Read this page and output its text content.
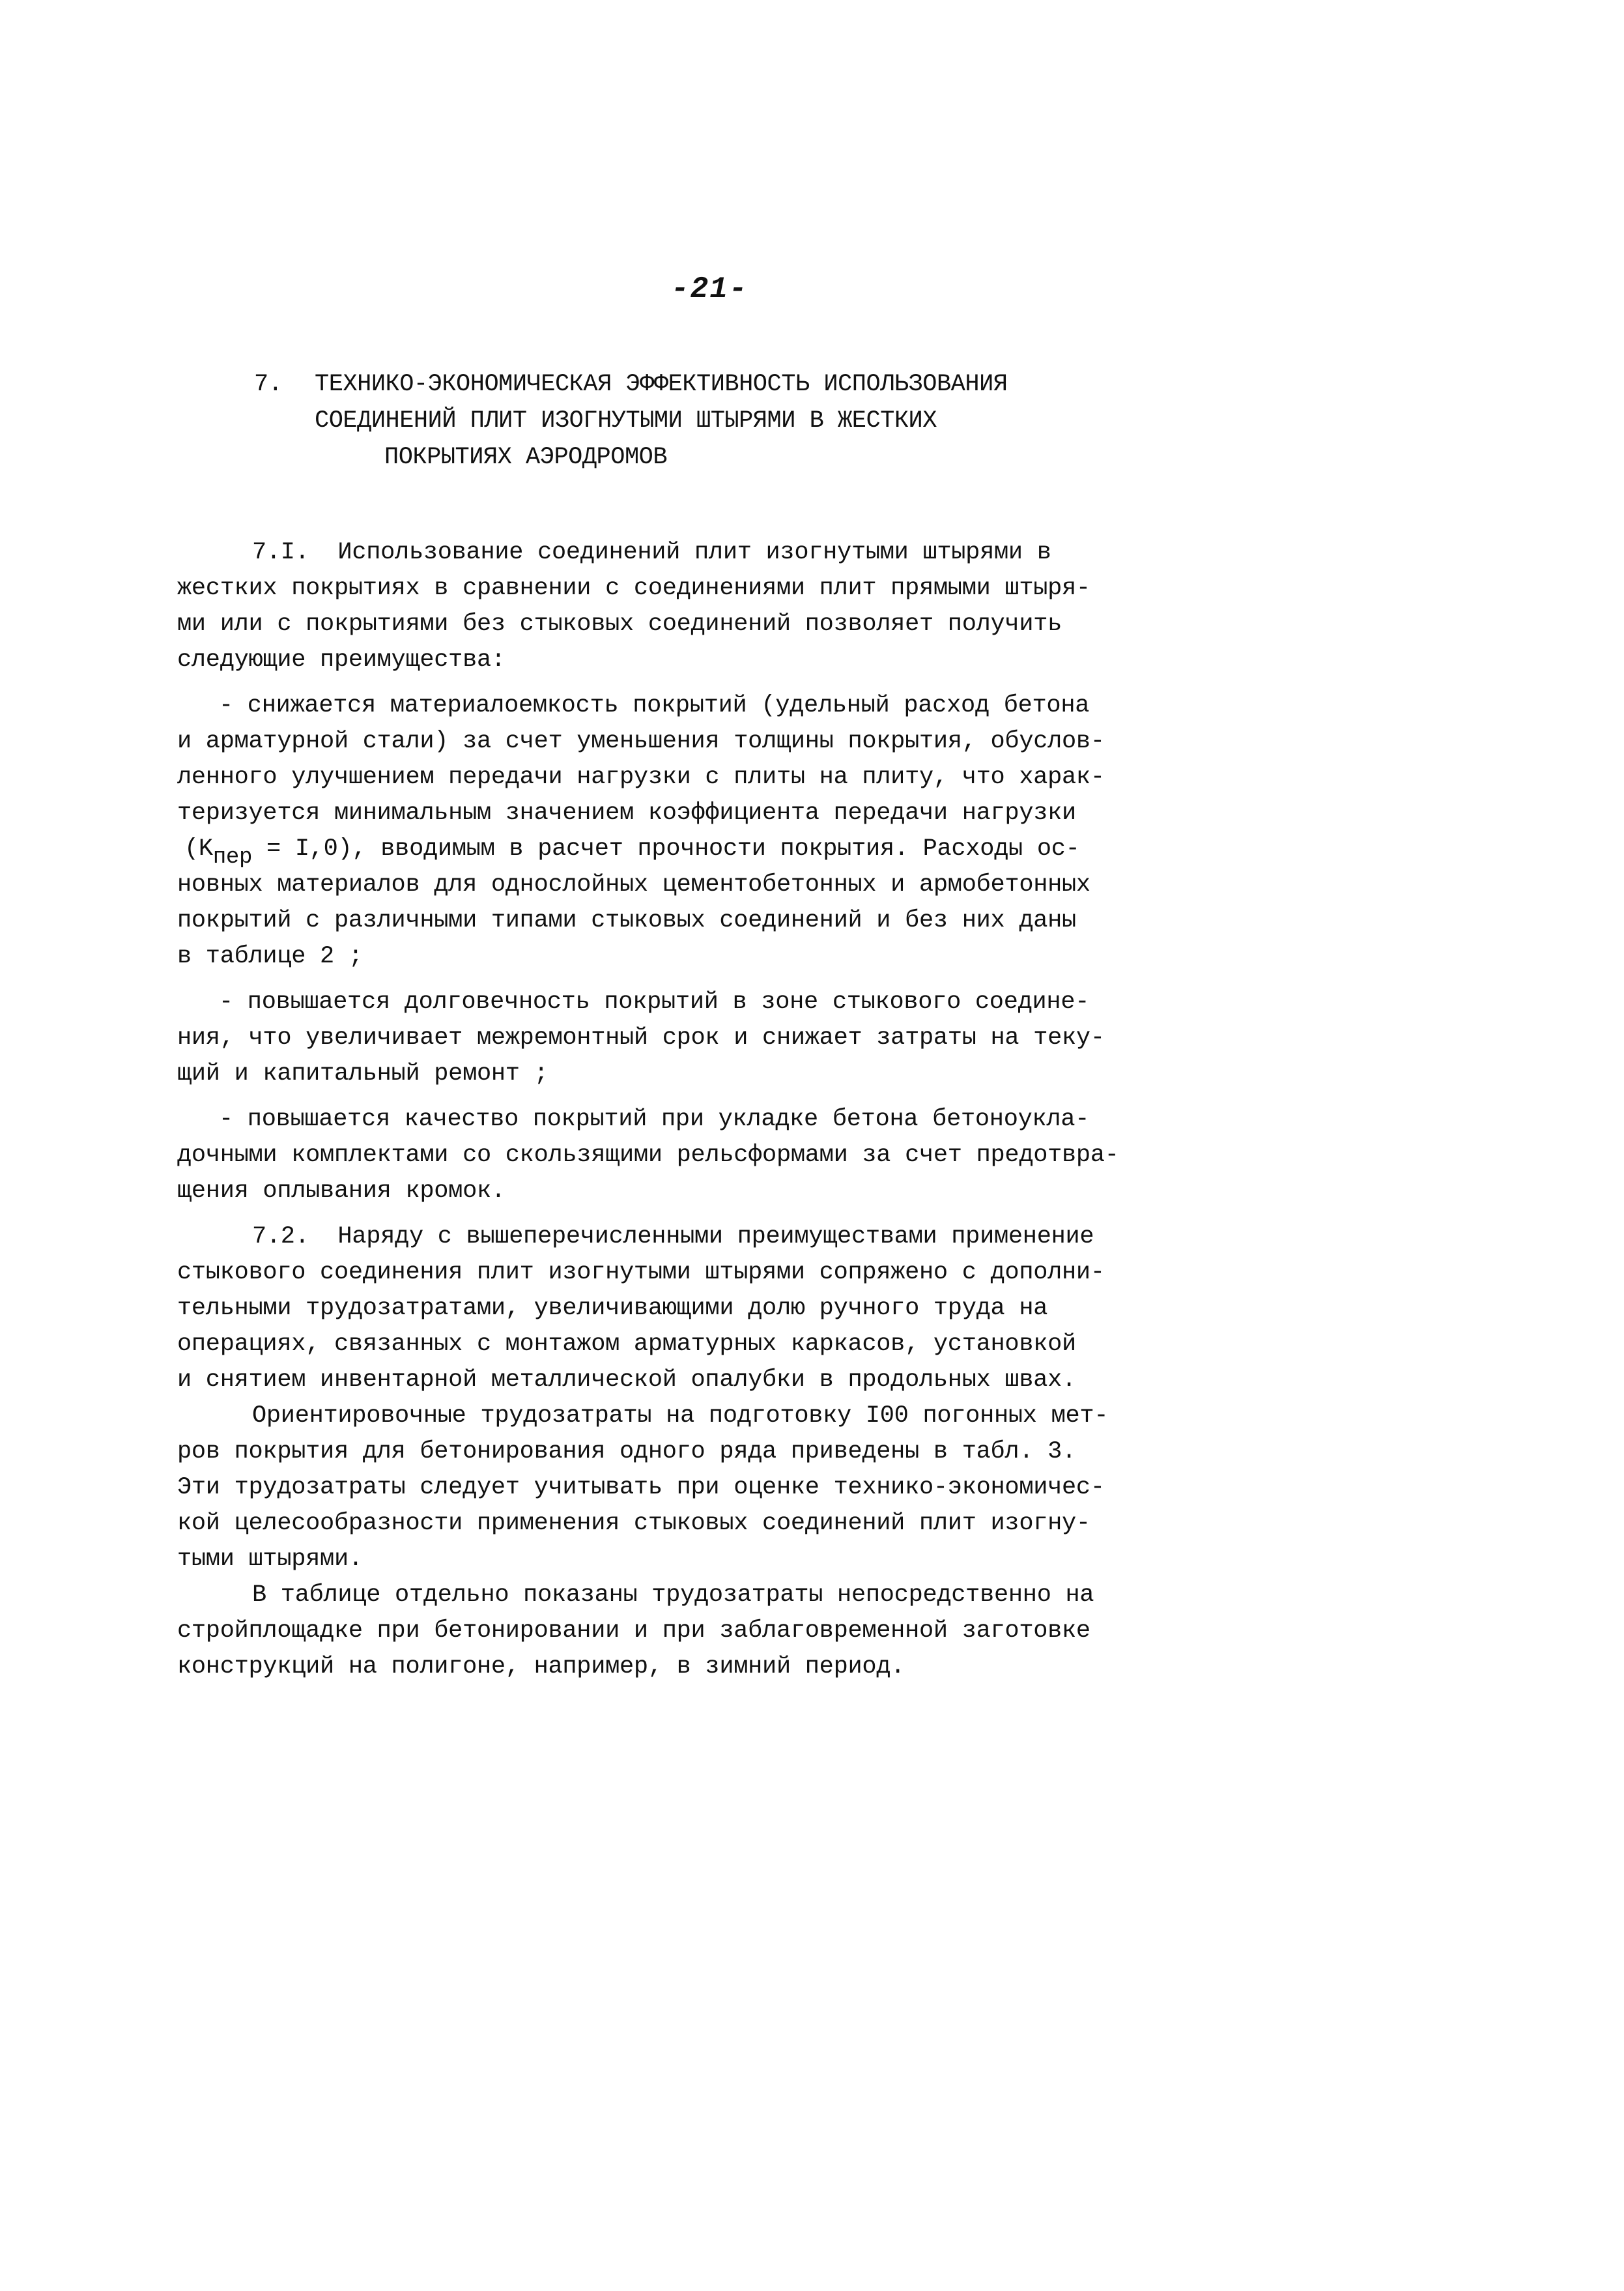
-21-
7. ТЕХНИКО-ЭКОНОМИЧЕСКАЯ ЭФФЕКТИВНОСТЬ ИСПОЛЬЗОВАНИЯ
СОЕДИНЕНИЙ ПЛИТ ИЗОГНУТЫМИ ШТЫРЯМИ В ЖЕСТКИХ
ПОКРЫТИЯХ АЭРОДРОМОВ
7.I.  Использование соединений плит изогнутыми штырями в
жестких покрытиях в сравнении с соединениями плит прямыми штыря-
ми или с покрытиями без стыковых соединений позволяет получить
следующие преимущества:
- снижается материалоемкость покрытий (удельный расход бетона
и арматурной стали) за счет уменьшения толщины покрытия, обуслов-
ленного улучшением передачи нагрузки с плиты на плиту, что харак-
теризуется минимальным значением коэффициента передачи нагрузки
(Kпер = I,0), вводимым в расчет прочности покрытия. Расходы ос-
новных материалов для однослойных цементобетонных и армобетонных
покрытий с различными типами стыковых соединений и без них даны
в таблице 2 ;
- повышается долговечность покрытий в зоне стыкового соедине-
ния, что увеличивает межремонтный срок и снижает затраты на теку-
щий и капитальный ремонт ;
- повышается качество покрытий при укладке бетона бетоноукла-
дочными комплектами со скользящими рельсформами за счет предотвра-
щения оплывания кромок.
7.2.  Наряду с вышеперечисленными преимуществами применение
стыкового соединения плит изогнутыми штырями сопряжено с дополни-
тельными трудозатратами, увеличивающими долю ручного труда на
операциях, связанных с монтажом арматурных каркасов, установкой
и снятием инвентарной металлической опалубки в продольных швах.
Ориентировочные трудозатраты на подготовку I00 погонных мет-
ров покрытия для бетонирования одного ряда приведены в табл. 3.
Эти трудозатраты следует учитывать при оценке технико-экономичес-
кой целесообразности применения стыковых соединений плит изогну-
тыми штырями.
В таблице отдельно показаны трудозатраты непосредственно на
стройплощадке при бетонировании и при заблаговременной заготовке
конструкций на полигоне, например, в зимний период.
